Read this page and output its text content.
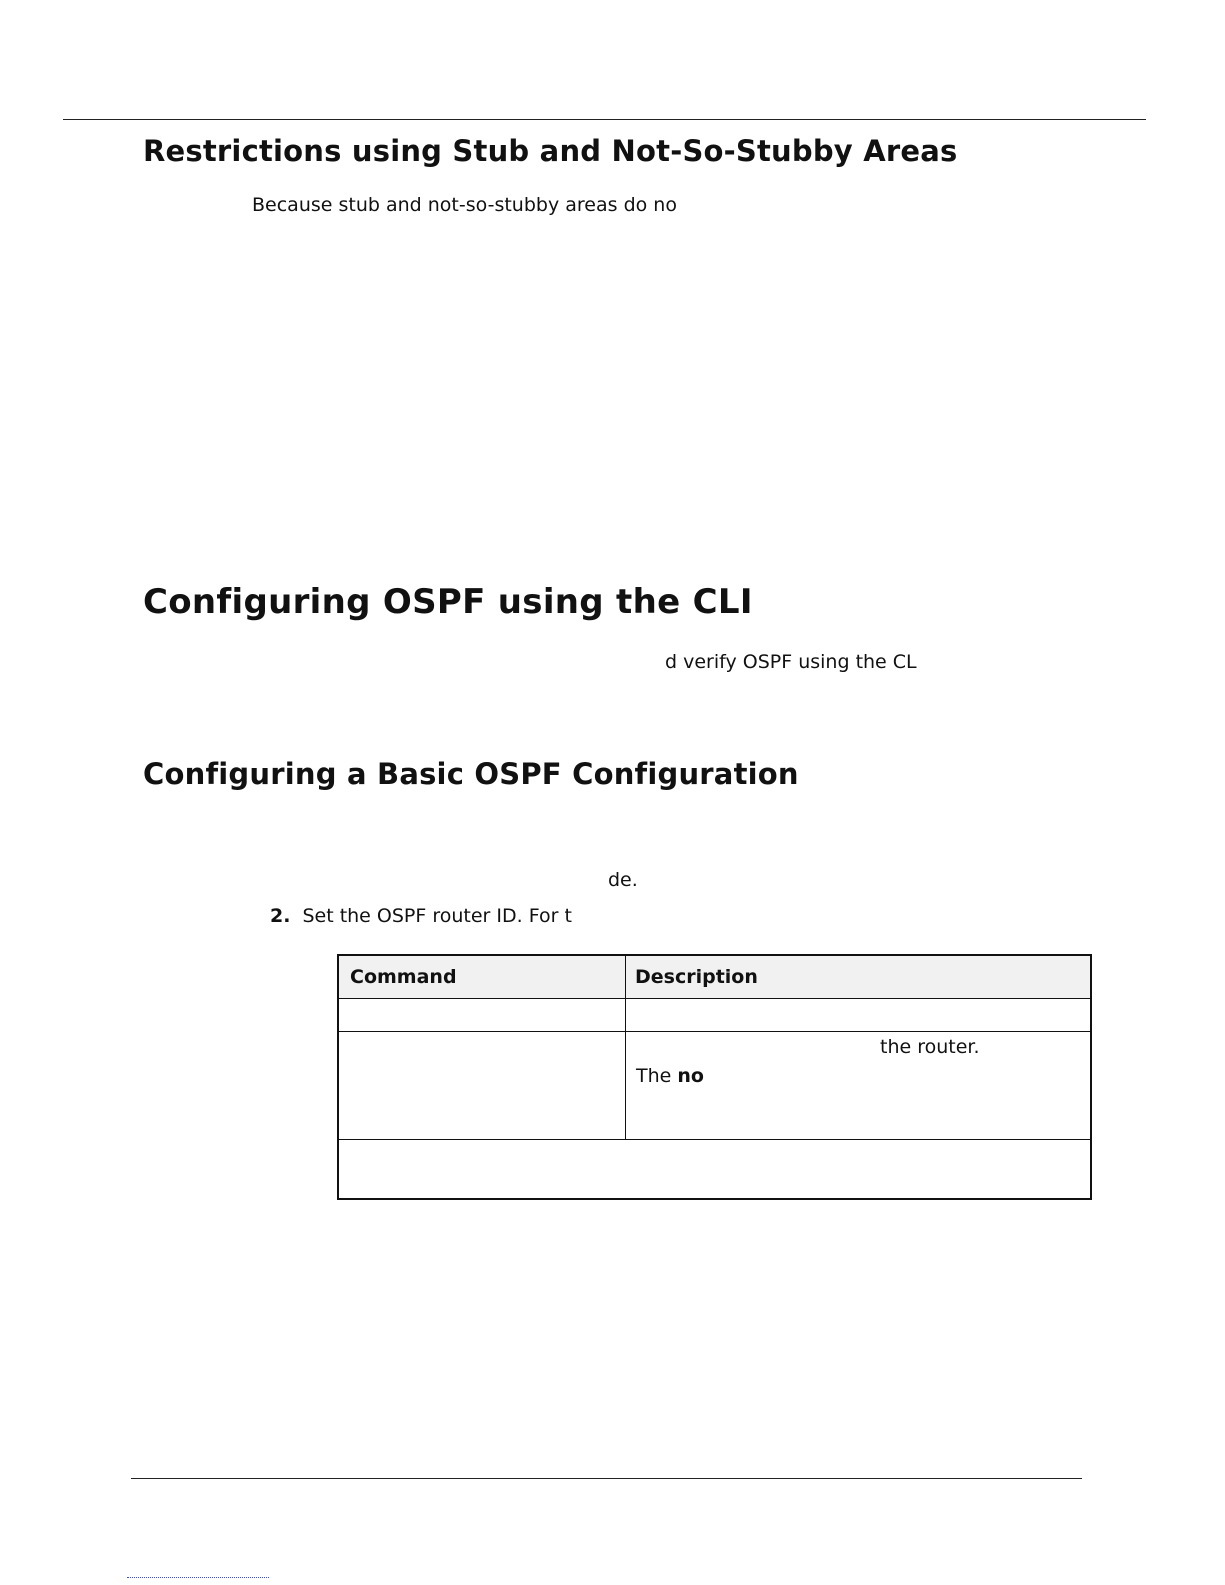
Restrictions using Stub and Not-So-Stubby Areas
Because stub and not-so-stubby areas do no
Configuring OSPF using the CLI
d verify OSPF using the CL
Configuring a Basic OSPF Configuration
de.
2. Set the OSPF router ID. For t
Command	Description
the router.
The no
